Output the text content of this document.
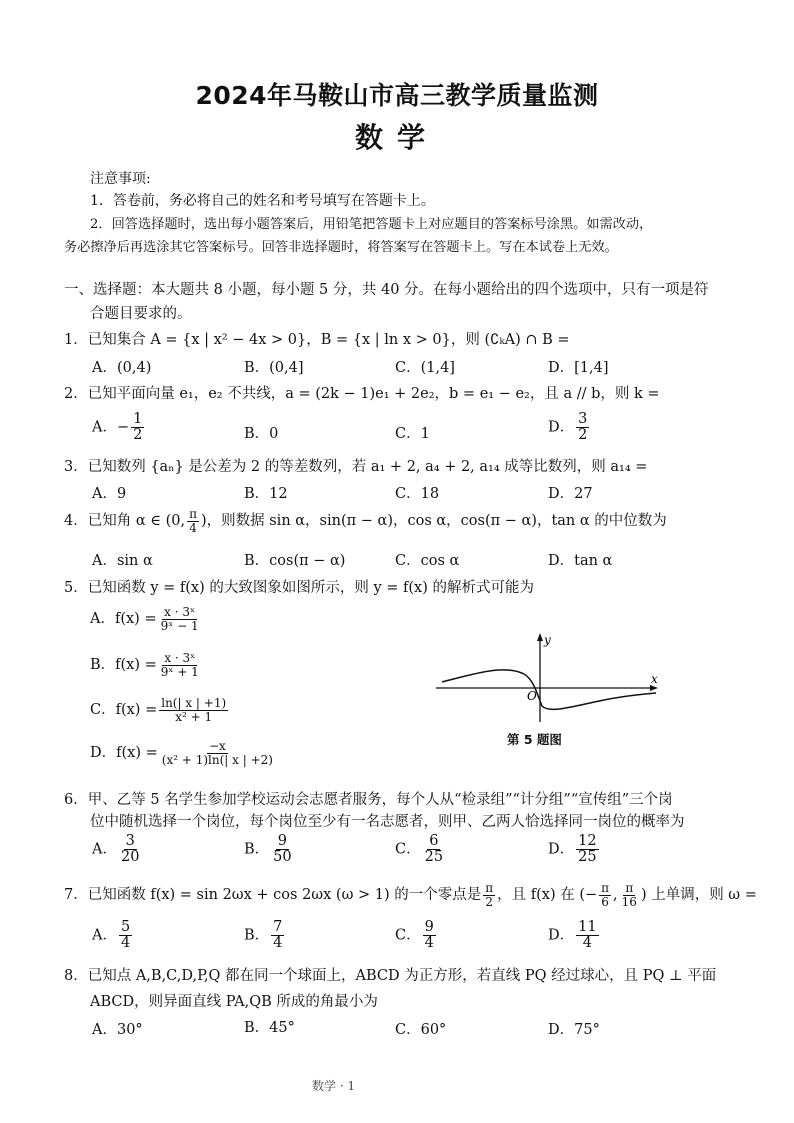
2024年马鞍山市高三教学质量监测
数学
注意事项:
1．答卷前，务必将自己的姓名和考号填写在答题卡上。
2．回答选择题时，选出每小题答案后，用铅笔把答题卡上对应题目的答案标号涂黑。如需改动，
务必擦净后再选涂其它答案标号。回答非选择题时，将答案写在答题卡上。写在本试卷上无效。
一、选择题：本大题共 8 小题，每小题 5 分，共 40 分。在每小题给出的四个选项中，只有一项是符
合题目要求的。
1．已知集合 A = {x | x² − 4x > 0}，B = {x | ln x > 0}，则 (∁ₖA) ∩ B =
A．(0,4)	B．(0,4]	C．(1,4]	D．[1,4]
2．已知平面向量 e₁，e₂ 不共线，a = (2k − 1)e₁ + 2e₂，b = e₁ − e₂，且 a // b，则 k =
A．− $\frac{1}{2}$	B．0	C．1	D． $\frac{3}{2}$
3．已知数列 {aₙ} 是公差为 2 的等差数列，若 a₁ + 2, a₄ + 2, a₁₄ 成等比数列，则 a₁₄ =
A．9	B．12	C．18	D．27
4．已知角 α ∈ (0, $\frac{\pi}{4}$ )，则数据 sin α，sin(π − α)，cos α，cos(π − α)，tan α 的中位数为
A．sin α	B．cos(π − α)	C．cos α	D．tan α
5．已知函数 y = f(x) 的大致图象如图所示，则 y = f(x) 的解析式可能为
A．$f(x) = \frac{\text{x · 3ˣ}}{\text{9ˣ − 1}}$
B．$f(x) = \frac{\text{x · 3ˣ}}{\text{9ˣ + 1}}$
C．$f(x) = \frac{\ln(| x | +1)}{\text{x² + 1}}$
D．$f(x) = \frac{-x}{\text{(x² + 1)ln(| x | +2)}}$
x
y
O
第 5 题图
6．甲、乙等 5 名学生参加学校运动会志愿者服务，每个人从“检录组”“计分组”“宣传组”三个岗
位中随机选择一个岗位，每个岗位至少有一名志愿者，则甲、乙两人恰选择同一岗位的概率为
A． $\frac{3}{20}$	B． $\frac{9}{50}$	C． $\frac{6}{25}$	D． $\frac{12}{25}$
7．已知函数 f(x) = sin 2ωx + cos 2ωx (ω > 1) 的一个零点是 $\frac{\pi}{2}$ ，且 f(x) 在 (− $\frac{\pi}{6}$ , $\frac{\pi}{16}$ ) 上单调，则 ω =
A． $\frac{5}{4}$	B． $\frac{7}{4}$	C． $\frac{9}{4}$	D． $\frac{11}{4}$
8．已知点 A,B,C,D,P,Q 都在同一个球面上，ABCD 为正方形，若直线 PQ 经过球心，且 PQ ⊥ 平面
ABCD，则异面直线 PA,QB 所成的角最小为
A．30°	B．45°	C．60°	D．75°
数学 · 1
